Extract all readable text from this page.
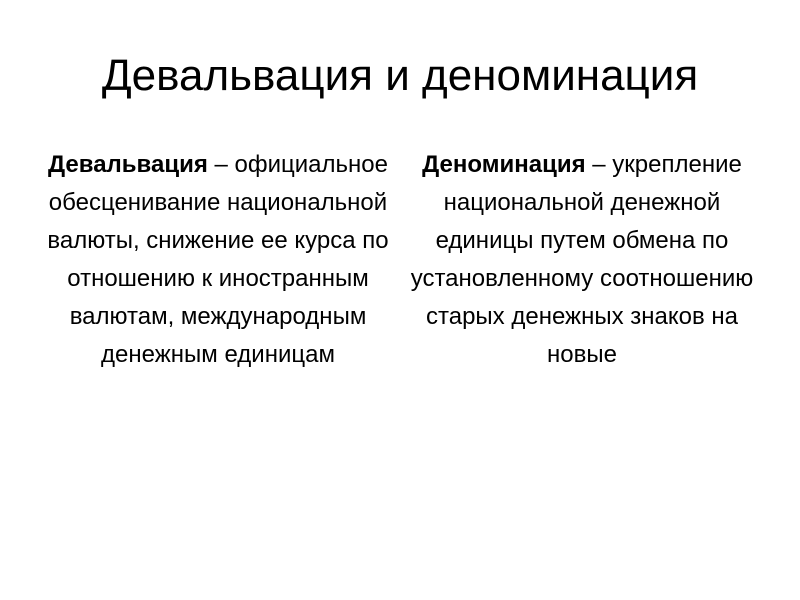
Девальвация и деноминация
Девальвация – официальное обесценивание национальной валюты, снижение ее курса по отношению к иностранным валютам, международным денежным единицам
Деноминация – укрепление национальной денежной единицы путем обмена по установленному соотношению старых денежных знаков на новые
